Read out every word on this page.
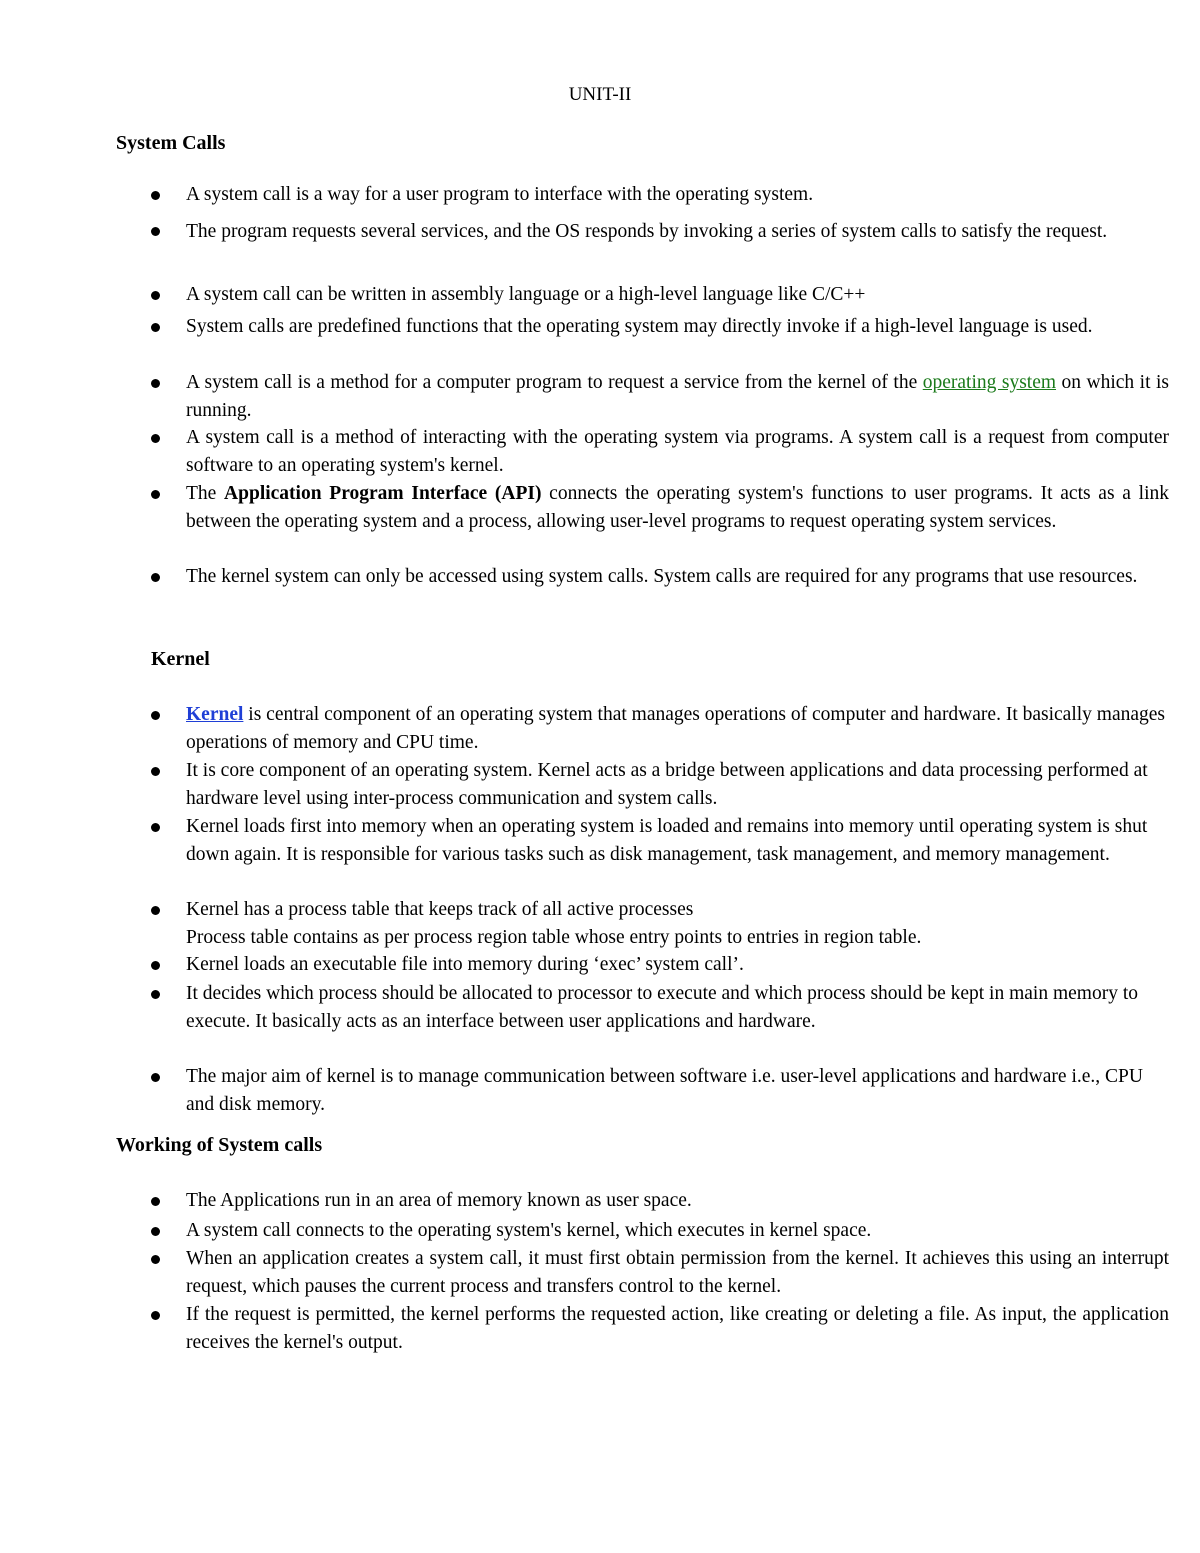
UNIT-II
System Calls
A system call is a way for a user program to interface with the operating system.
The program requests several services, and the OS responds by invoking a series of system calls to satisfy the request.
A system call can be written in assembly language or a high-level language like C/C++
System calls are predefined functions that the operating system may directly invoke if a high-level language is used.
A system call is a method for a computer program to request a service from the kernel of the operating system on which it is running.
A system call is a method of interacting with the operating system via programs. A system call is a request from computer software to an operating system's kernel.
The Application Program Interface (API) connects the operating system's functions to user programs. It acts as a link between the operating system and a process, allowing user-level programs to request operating system services.
The kernel system can only be accessed using system calls. System calls are required for any programs that use resources.
Kernel
Kernel is central component of an operating system that manages operations of computer and hardware. It basically manages operations of memory and CPU time.
It is core component of an operating system. Kernel acts as a bridge between applications and data processing performed at hardware level using inter-process communication and system calls.
Kernel loads first into memory when an operating system is loaded and remains into memory until operating system is shut down again. It is responsible for various tasks such as disk management, task management, and memory management.
Kernel has a process table that keeps track of all active processes
Process table contains as per process region table whose entry points to entries in region table.
Kernel loads an executable file into memory during ‘exec’ system call’.
It decides which process should be allocated to processor to execute and which process should be kept in main memory to execute. It basically acts as an interface between user applications and hardware.
The major aim of kernel is to manage communication between software i.e. user-level applications and hardware i.e., CPU and disk memory.
Working of System calls
The Applications run in an area of memory known as user space.
A system call connects to the operating system's kernel, which executes in kernel space.
When an application creates a system call, it must first obtain permission from the kernel. It achieves this using an interrupt request, which pauses the current process and transfers control to the kernel.
If the request is permitted, the kernel performs the requested action, like creating or deleting a file. As input, the application receives the kernel's output.
